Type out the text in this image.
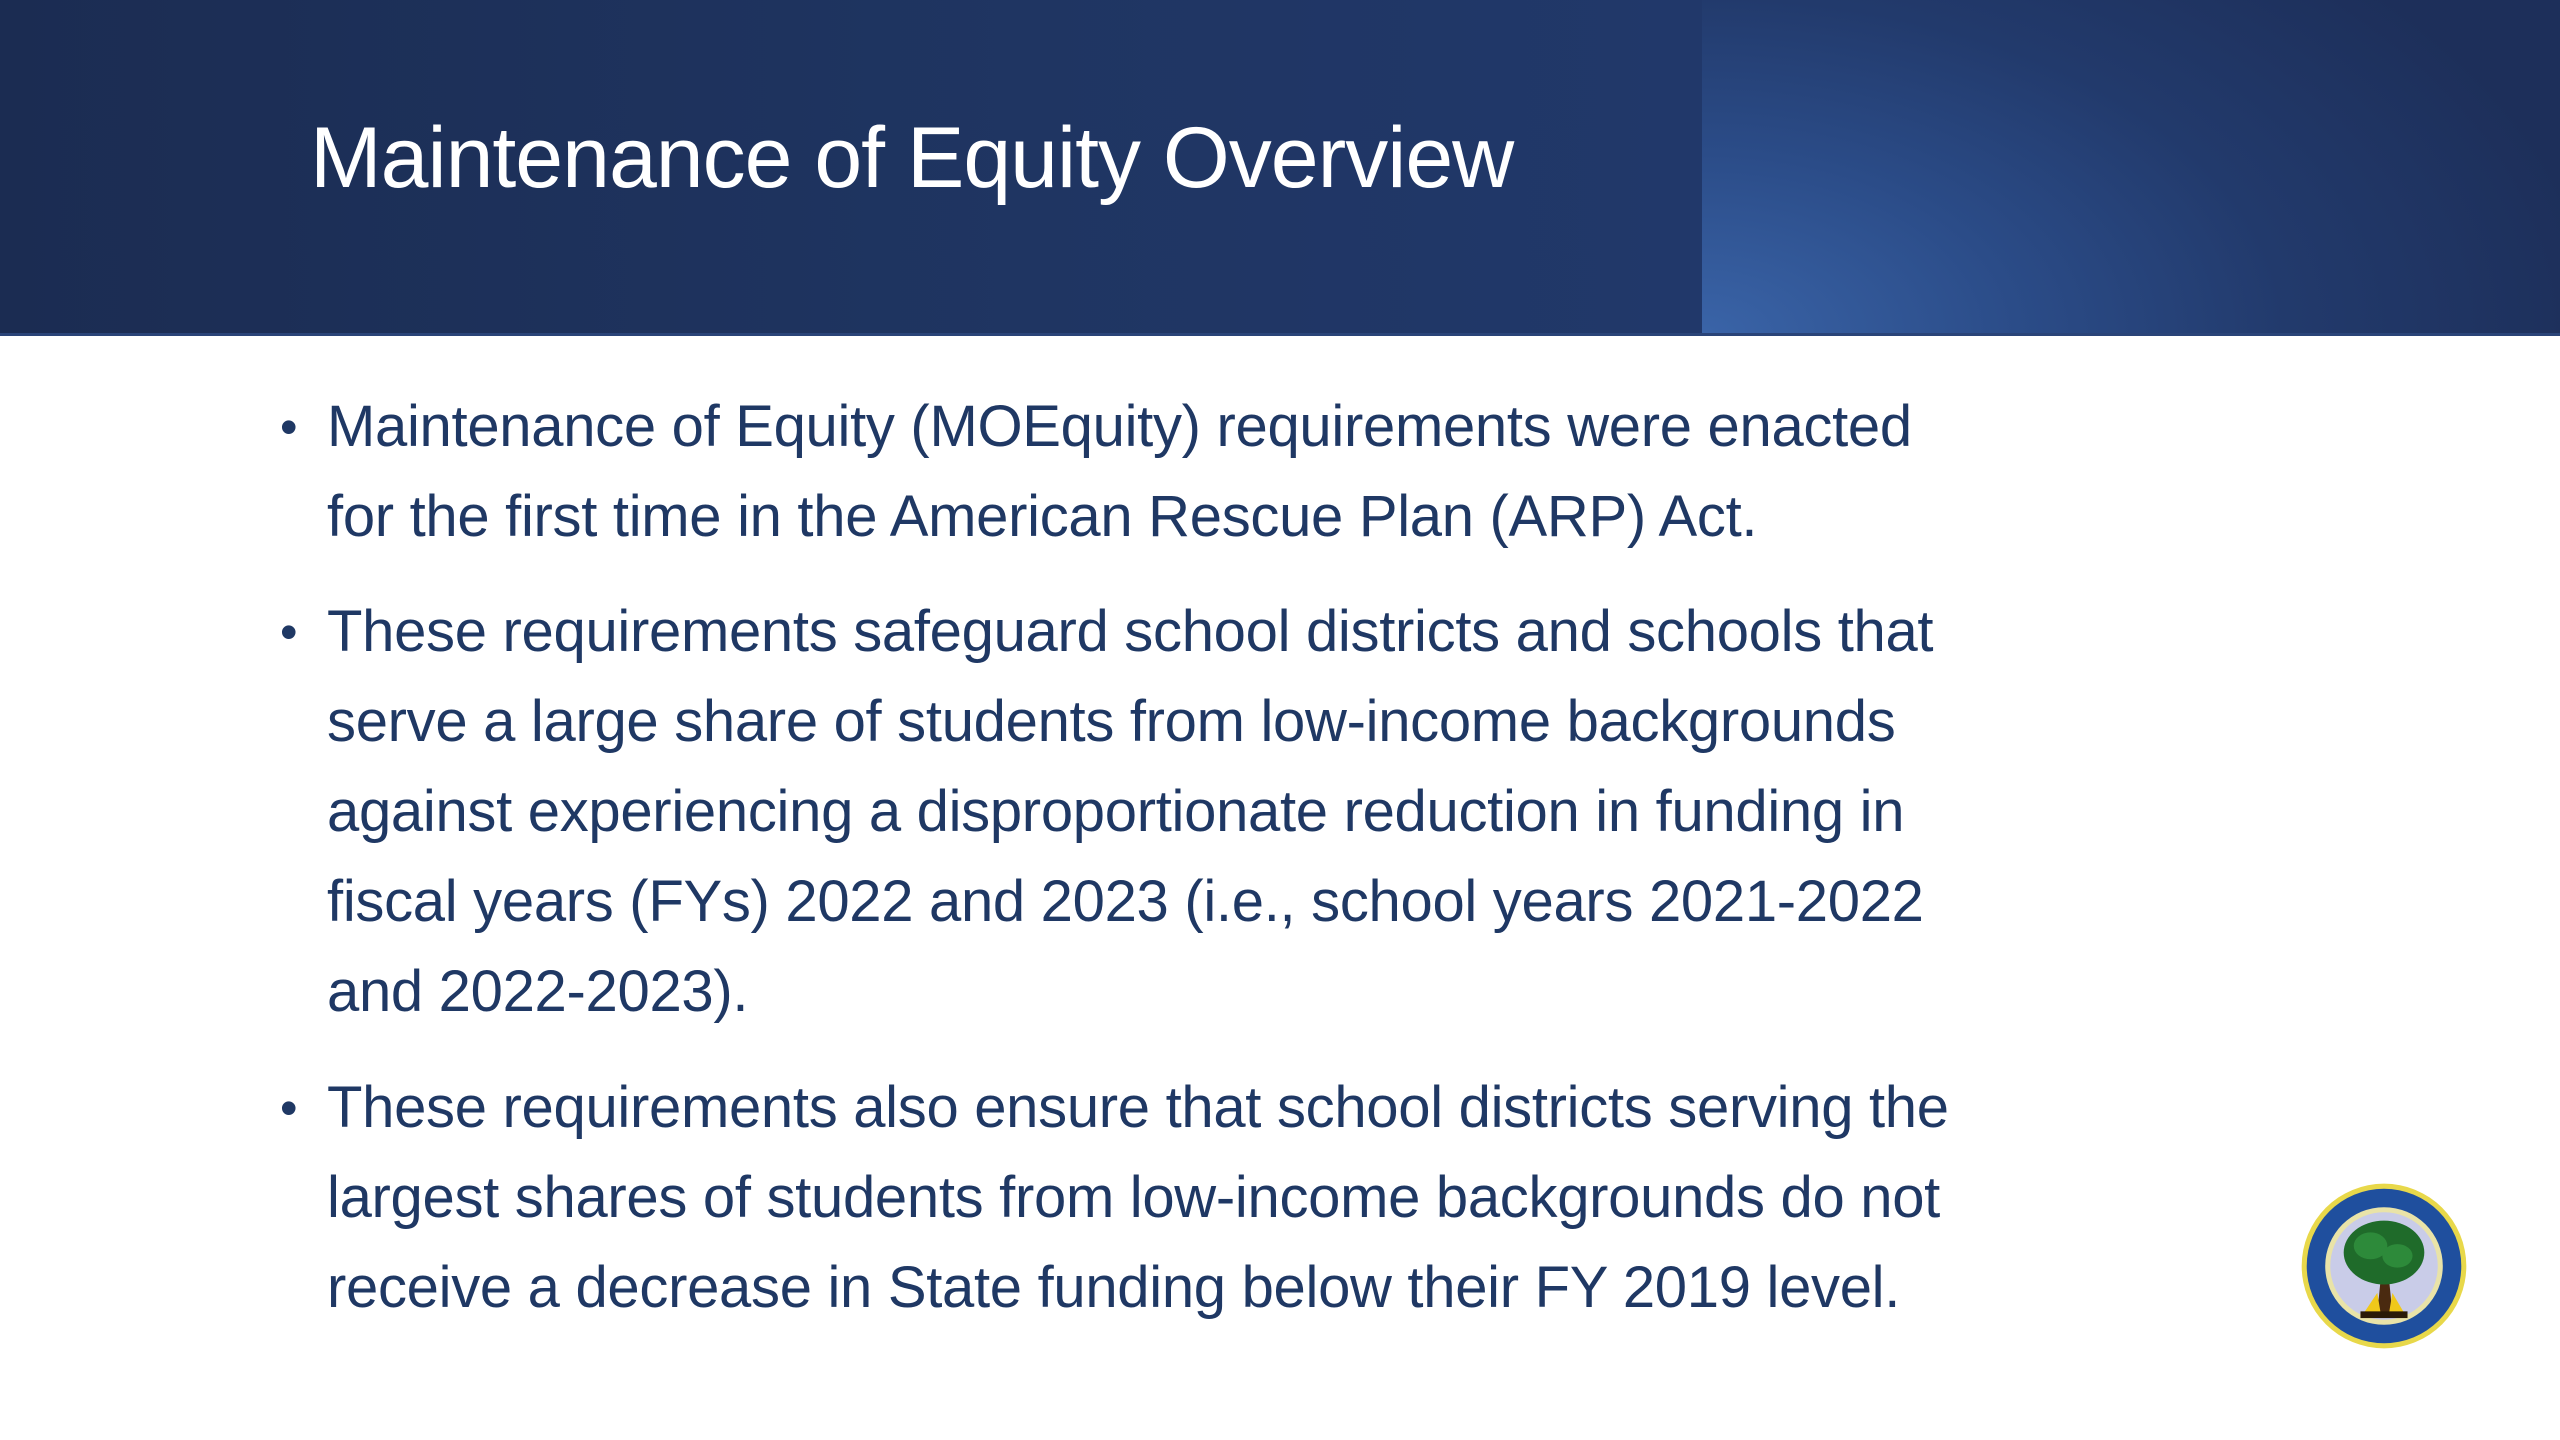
Maintenance of Equity Overview
• Maintenance of Equity (MOEquity) requirements were enacted
for the first time in the American Rescue Plan (ARP) Act.
• These requirements safeguard school districts and schools that
serve a large share of students from low-income backgrounds
against experiencing a disproportionate reduction in funding in
fiscal years (FYs) 2022 and 2023 (i.e., school years 2021-2022
and 2022-2023).
• These requirements also ensure that school districts serving the
largest shares of students from low-income backgrounds do not
receive a decrease in State funding below their FY 2019 level.
